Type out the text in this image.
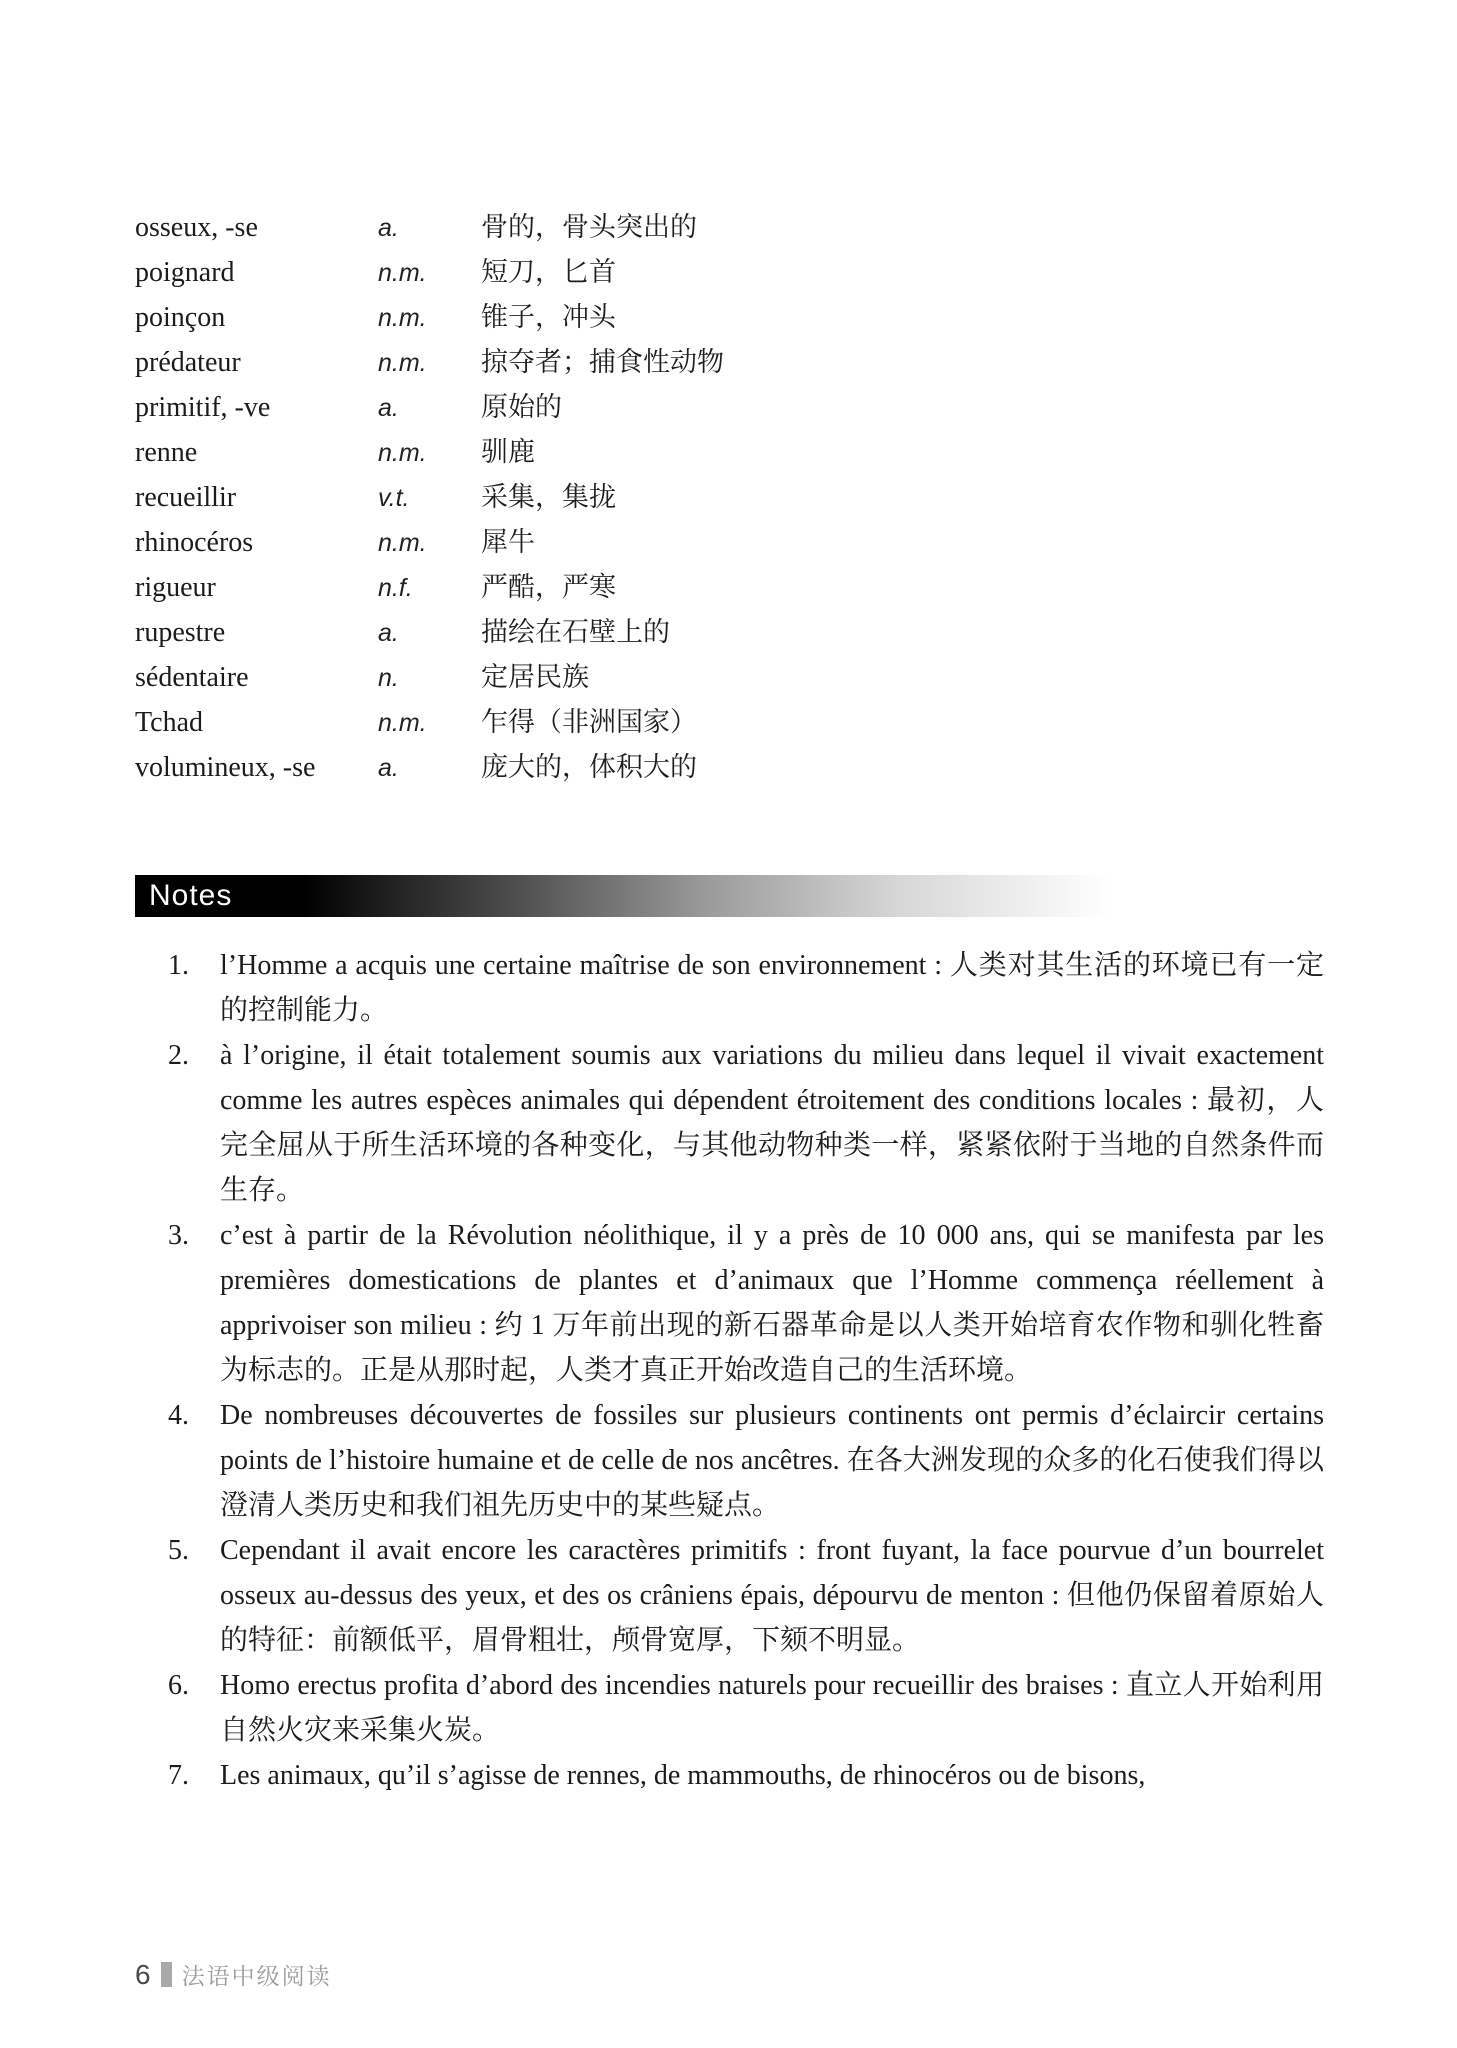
osseux, -se	a.	骨的，骨头突出的
poignard	n.m.	短刀，匕首
poinçon	n.m.	锥子，冲头
prédateur	n.m.	掠夺者；捕食性动物
primitif, -ve	a.	原始的
renne	n.m.	驯鹿
recueillir	v.t.	采集，集拢
rhinocéros	n.m.	犀牛
rigueur	n.f.	严酷，严寒
rupestre	a.	描绘在石壁上的
sédentaire	n.	定居民族
Tchad	n.m.	乍得（非洲国家）
volumineux, -se	a.	庞大的，体积大的
Notes
1.	l’Homme a acquis une certaine maîtrise de son environnement : 人类对其生活的环境已有一定的控制能力。
2.	à l’origine, il était totalement soumis aux variations du milieu dans lequel il vivait exactement comme les autres espèces animales qui dépendent étroitement des conditions locales : 最初，人完全屈从于所生活环境的各种变化，与其他动物种类一样，紧紧依附于当地的自然条件而生存。
3.	c’est à partir de la Révolution néolithique, il y a près de 10 000 ans, qui se manifesta par les premières domestications de plantes et d’animaux que l’Homme commença réellement à apprivoiser son milieu : 约 1 万年前出现的新石器革命是以人类开始培育农作物和驯化牲畜为标志的。正是从那时起，人类才真正开始改造自己的生活环境。
4.	De nombreuses découvertes de fossiles sur plusieurs continents ont permis d’éclaircir certains points de l’histoire humaine et de celle de nos ancêtres. 在各大洲发现的众多的化石使我们得以澄清人类历史和我们祖先历史中的某些疑点。
5.	Cependant il avait encore les caractères primitifs : front fuyant, la face pourvue d’un bourrelet osseux au-dessus des yeux, et des os crâniens épais, dépourvu de menton : 但他仍保留着原始人的特征：前额低平，眉骨粗壮，颅骨宽厚，下颏不明显。
6.	Homo erectus profita d’abord des incendies naturels pour recueillir des braises : 直立人开始利用自然火灾来采集火炭。
7.	Les animaux, qu’il s’agisse de rennes, de mammouths, de rhinocéros ou de bisons,
6 法语中级阅读
